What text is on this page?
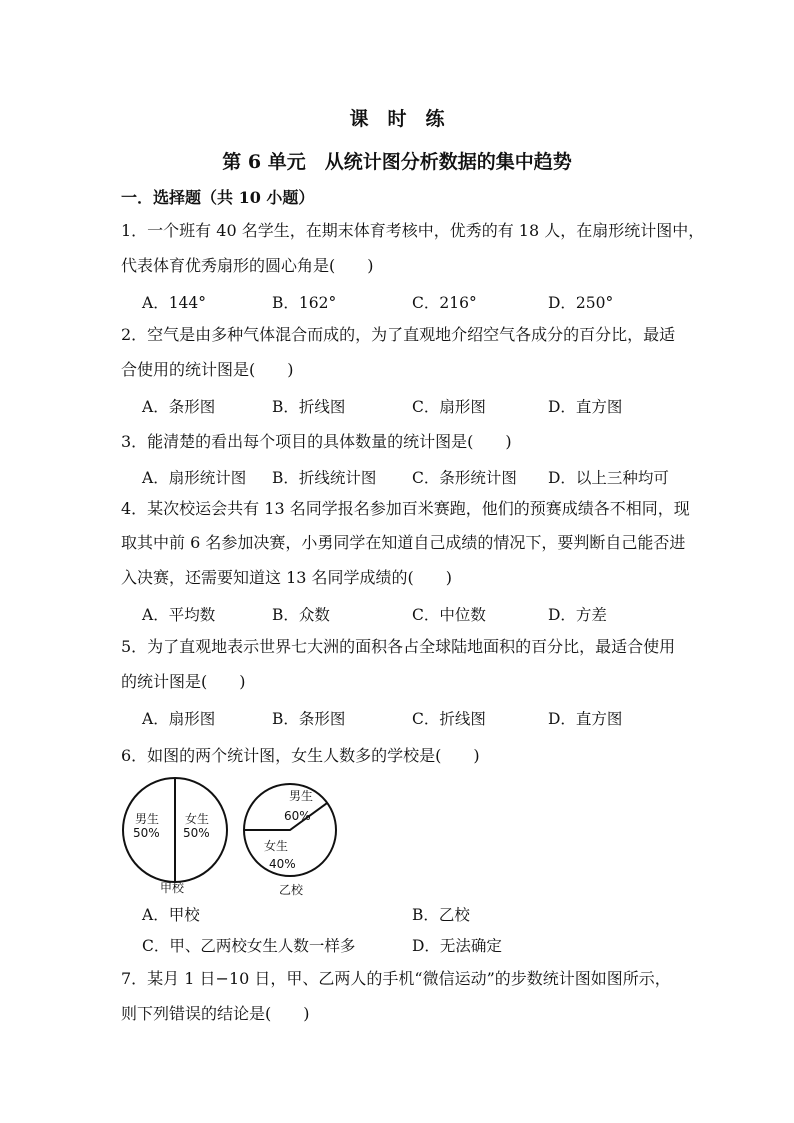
课　时　练
第 6 单元　从统计图分析数据的集中趋势
一．选择题（共 10 小题）
1．一个班有 40 名学生，在期末体育考核中，优秀的有 18 人，在扇形统计图中，
代表体育优秀扇形的圆心角是(　　)
A．144°	B．162°	C．216°	D．250°
2．空气是由多种气体混合而成的，为了直观地介绍空气各成分的百分比，最适
合使用的统计图是(　　)
A．条形图	B．折线图	C．扇形图	D．直方图
3．能清楚的看出每个项目的具体数量的统计图是(　　)
A．扇形统计图 B．折线统计图 C．条形统计图 D．以上三种均可
4．某次校运会共有 13 名同学报名参加百米赛跑，他们的预赛成绩各不相同，现
取其中前 6 名参加决赛，小勇同学在知道自己成绩的情况下，要判断自己能否进
入决赛，还需要知道这 13 名同学成绩的(　　)
A．平均数	B．众数	C．中位数	D．方差
5．为了直观地表示世界七大洲的面积各占全球陆地面积的百分比，最适合使用
的统计图是(　　)
A．扇形图	B．条形图	C．折线图	D．直方图
6．如图的两个统计图，女生人数多的学校是(　　)
男生
50%
女生
50%
甲校
男生
60%
女生
40%
乙校
A．甲校	B．乙校
C．甲、乙两校女生人数一样多	D．无法确定
7．某月 1 日−10 日，甲、乙两人的手机“微信运动”的步数统计图如图所示，
则下列错误的结论是(　　)
